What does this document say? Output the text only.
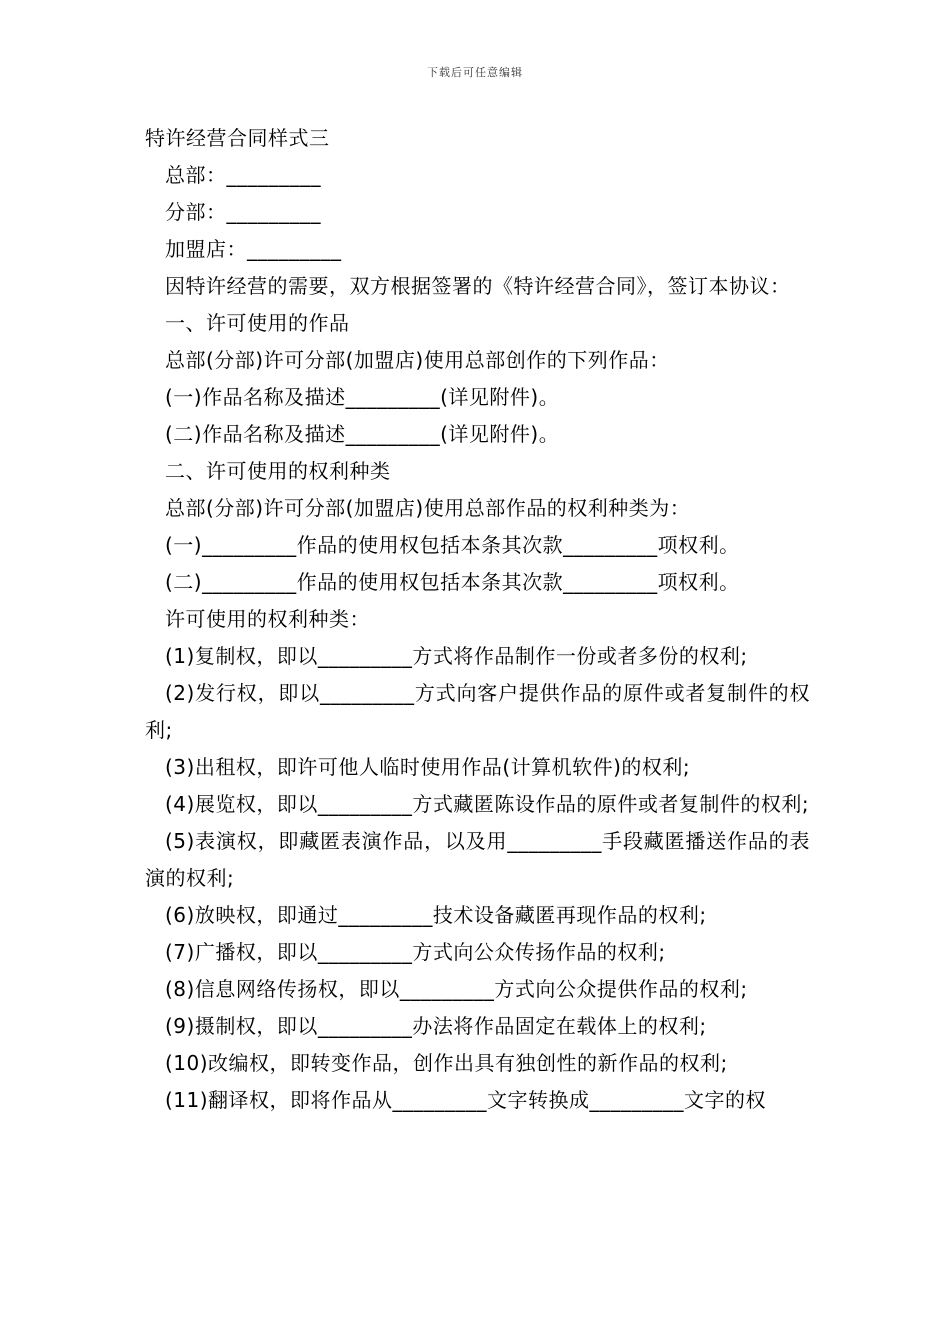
下载后可任意编辑
特许经营合同样式三

总部：_________

分部：_________

加盟店：_________

因特许经营的需要，双方根据签署的《特许经营合同》，签订本协议：

一、许可使用的作品

总部(分部)许可分部(加盟店)使用总部创作的下列作品：

(一)作品名称及描述_________(详见附件)。

(二)作品名称及描述_________(详见附件)。

二、许可使用的权利种类

总部(分部)许可分部(加盟店)使用总部作品的权利种类为：

(一)_________作品的使用权包括本条其次款_________项权利。

(二)_________作品的使用权包括本条其次款_________项权利。

许可使用的权利种类：

(1)复制权，即以_________方式将作品制作一份或者多份的权利;

(2)发行权，即以_________方式向客户提供作品的原件或者复制件的权利;

(3)出租权，即许可他人临时使用作品(计算机软件)的权利;

(4)展览权，即以_________方式藏匿陈设作品的原件或者复制件的权利;

(5)表演权，即藏匿表演作品，以及用_________手段藏匿播送作品的表演的权利;

(6)放映权，即通过_________技术设备藏匿再现作品的权利;

(7)广播权，即以_________方式向公众传扬作品的权利;

(8)信息网络传扬权，即以_________方式向公众提供作品的权利;

(9)摄制权，即以_________办法将作品固定在载体上的权利;

(10)改编权，即转变作品，创作出具有独创性的新作品的权利;

(11)翻译权，即将作品从_________文字转换成_________文字的权
